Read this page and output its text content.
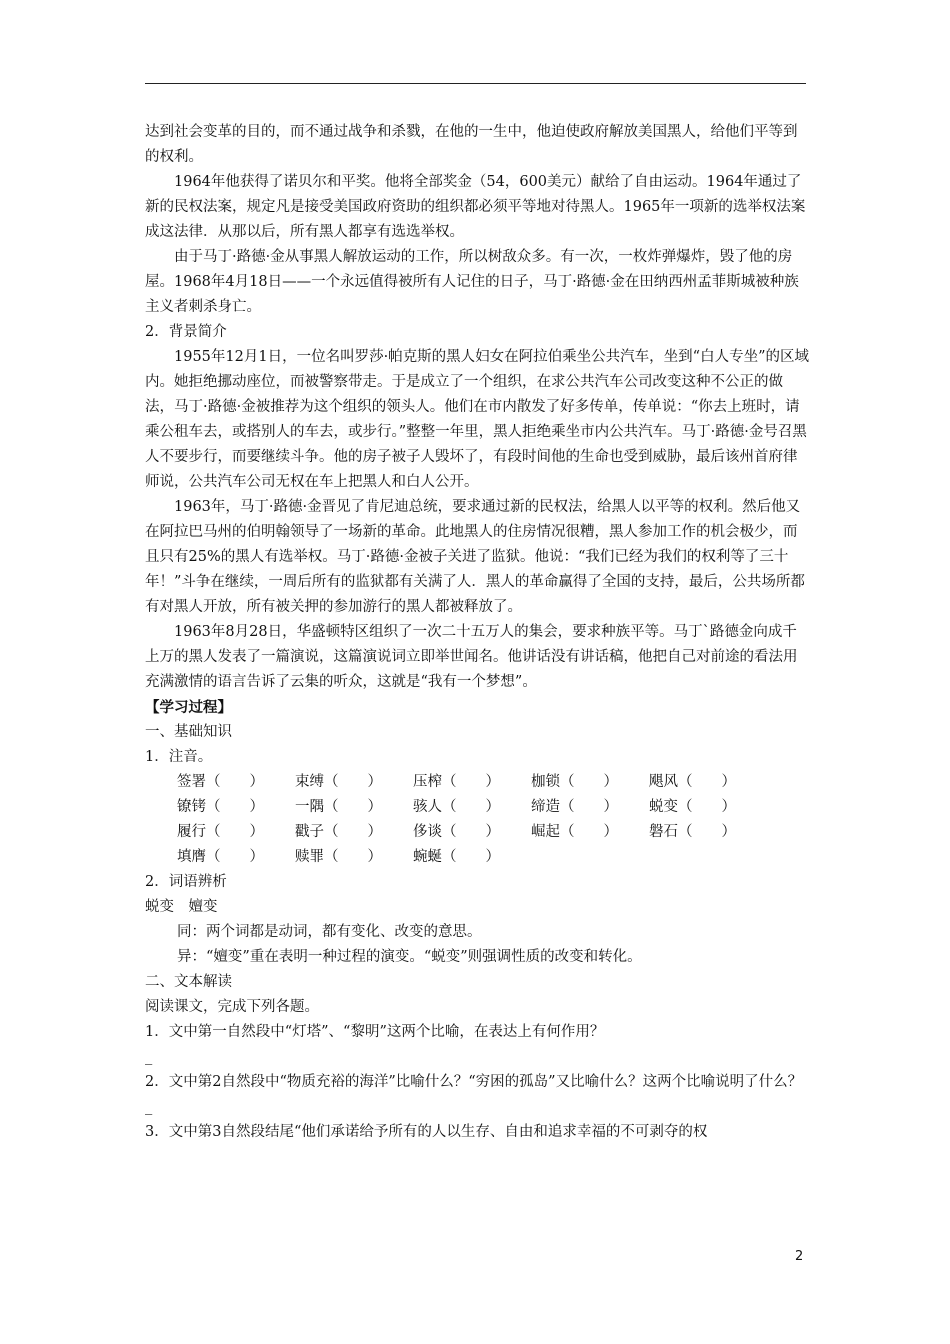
达到社会变革的目的，而不通过战争和杀戮，在他的一生中，他迫使政府解放美国黑人，给他们平等到的权利。

1964年他获得了诺贝尔和平奖。他将全部奖金（54，600美元）献给了自由运动。1964年通过了新的民权法案，规定凡是接受美国政府资助的组织都必须平等地对待黑人。1965年一项新的选举权法案成这法律．从那以后，所有黑人都享有选选举权。

由于马丁·路德·金从事黑人解放运动的工作，所以树敌众多。有一次，一枚炸弹爆炸，毁了他的房屋。1968年4月18日——一个永远值得被所有人记住的日子，马丁·路德·金在田纳西州孟菲斯城被种族主义者刺杀身亡。

2．背景简介

1955年12月1日，一位名叫罗莎·帕克斯的黑人妇女在阿拉伯乘坐公共汽车，坐到“白人专坐”的区域内。她拒绝挪动座位，而被警察带走。于是成立了一个组织，在求公共汽车公司改变这种不公正的做法，马丁·路德·金被推荐为这个组织的领头人。他们在市内散发了好多传单，传单说：“你去上班时，请乘公租车去，或搭别人的车去，或步行。”整整一年里，黑人拒绝乘坐市内公共汽车。马丁·路德·金号召黑人不要步行，而要继续斗争。他的房子被子人毁坏了，有段时间他的生命也受到威胁，最后该州首府律师说，公共汽车公司无权在车上把黑人和白人公开。

1963年，马丁·路德·金晋见了肯尼迪总统，要求通过新的民权法，给黑人以平等的权利。然后他又在阿拉巴马州的伯明翰领导了一场新的革命。此地黑人的住房情况很糟，黑人参加工作的机会极少，而且只有25%的黑人有选举权。马丁·路德·金被子关进了监狱。他说：“我们已经为我们的权利等了三十年！”斗争在继续，一周后所有的监狱都有关满了人．黑人的革命赢得了全国的支持，最后，公共场所都有对黑人开放，所有被关押的参加游行的黑人都被释放了。

1963年8月28日，华盛顿特区组织了一次二十五万人的集会，要求种族平等。马丁`路德金向成千上万的黑人发表了一篇演说，这篇演说词立即举世闻名。他讲话没有讲话稿，他把自己对前途的看法用充满激情的语言告诉了云集的听众，这就是“我有一个梦想”。

【学习过程】

一、基础知识

1．注音。

签署（　　）	束缚（　　）	压榨（　　）	枷锁（　　）	飓风（　　）
镣铐（　　）	一隅（　　）	骇人（　　）	缔造（　　）	蜕变（　　）
履行（　　）	戳子（　　）	侈谈（　　）	崛起（　　）	磐石（　　）
填膺（　　）	赎罪（　　）	蜿蜒（　　）

2．词语辨析

蜕变　嬗变

同：两个词都是动词，都有变化、改变的意思。

异：“嬗变”重在表明一种过程的演变。“蜕变”则强调性质的改变和转化。

二、文本解读

阅读课文，完成下列各题。

1．文中第一自然段中“灯塔”、“黎明”这两个比喻，在表达上有何作用？

_

2．文中第2自然段中“物质充裕的海洋”比喻什么？“穷困的孤岛”又比喻什么？这两个比喻说明了什么？

_

3．文中第3自然段结尾“他们承诺给予所有的人以生存、自由和追求幸福的不可剥夺的权

2
